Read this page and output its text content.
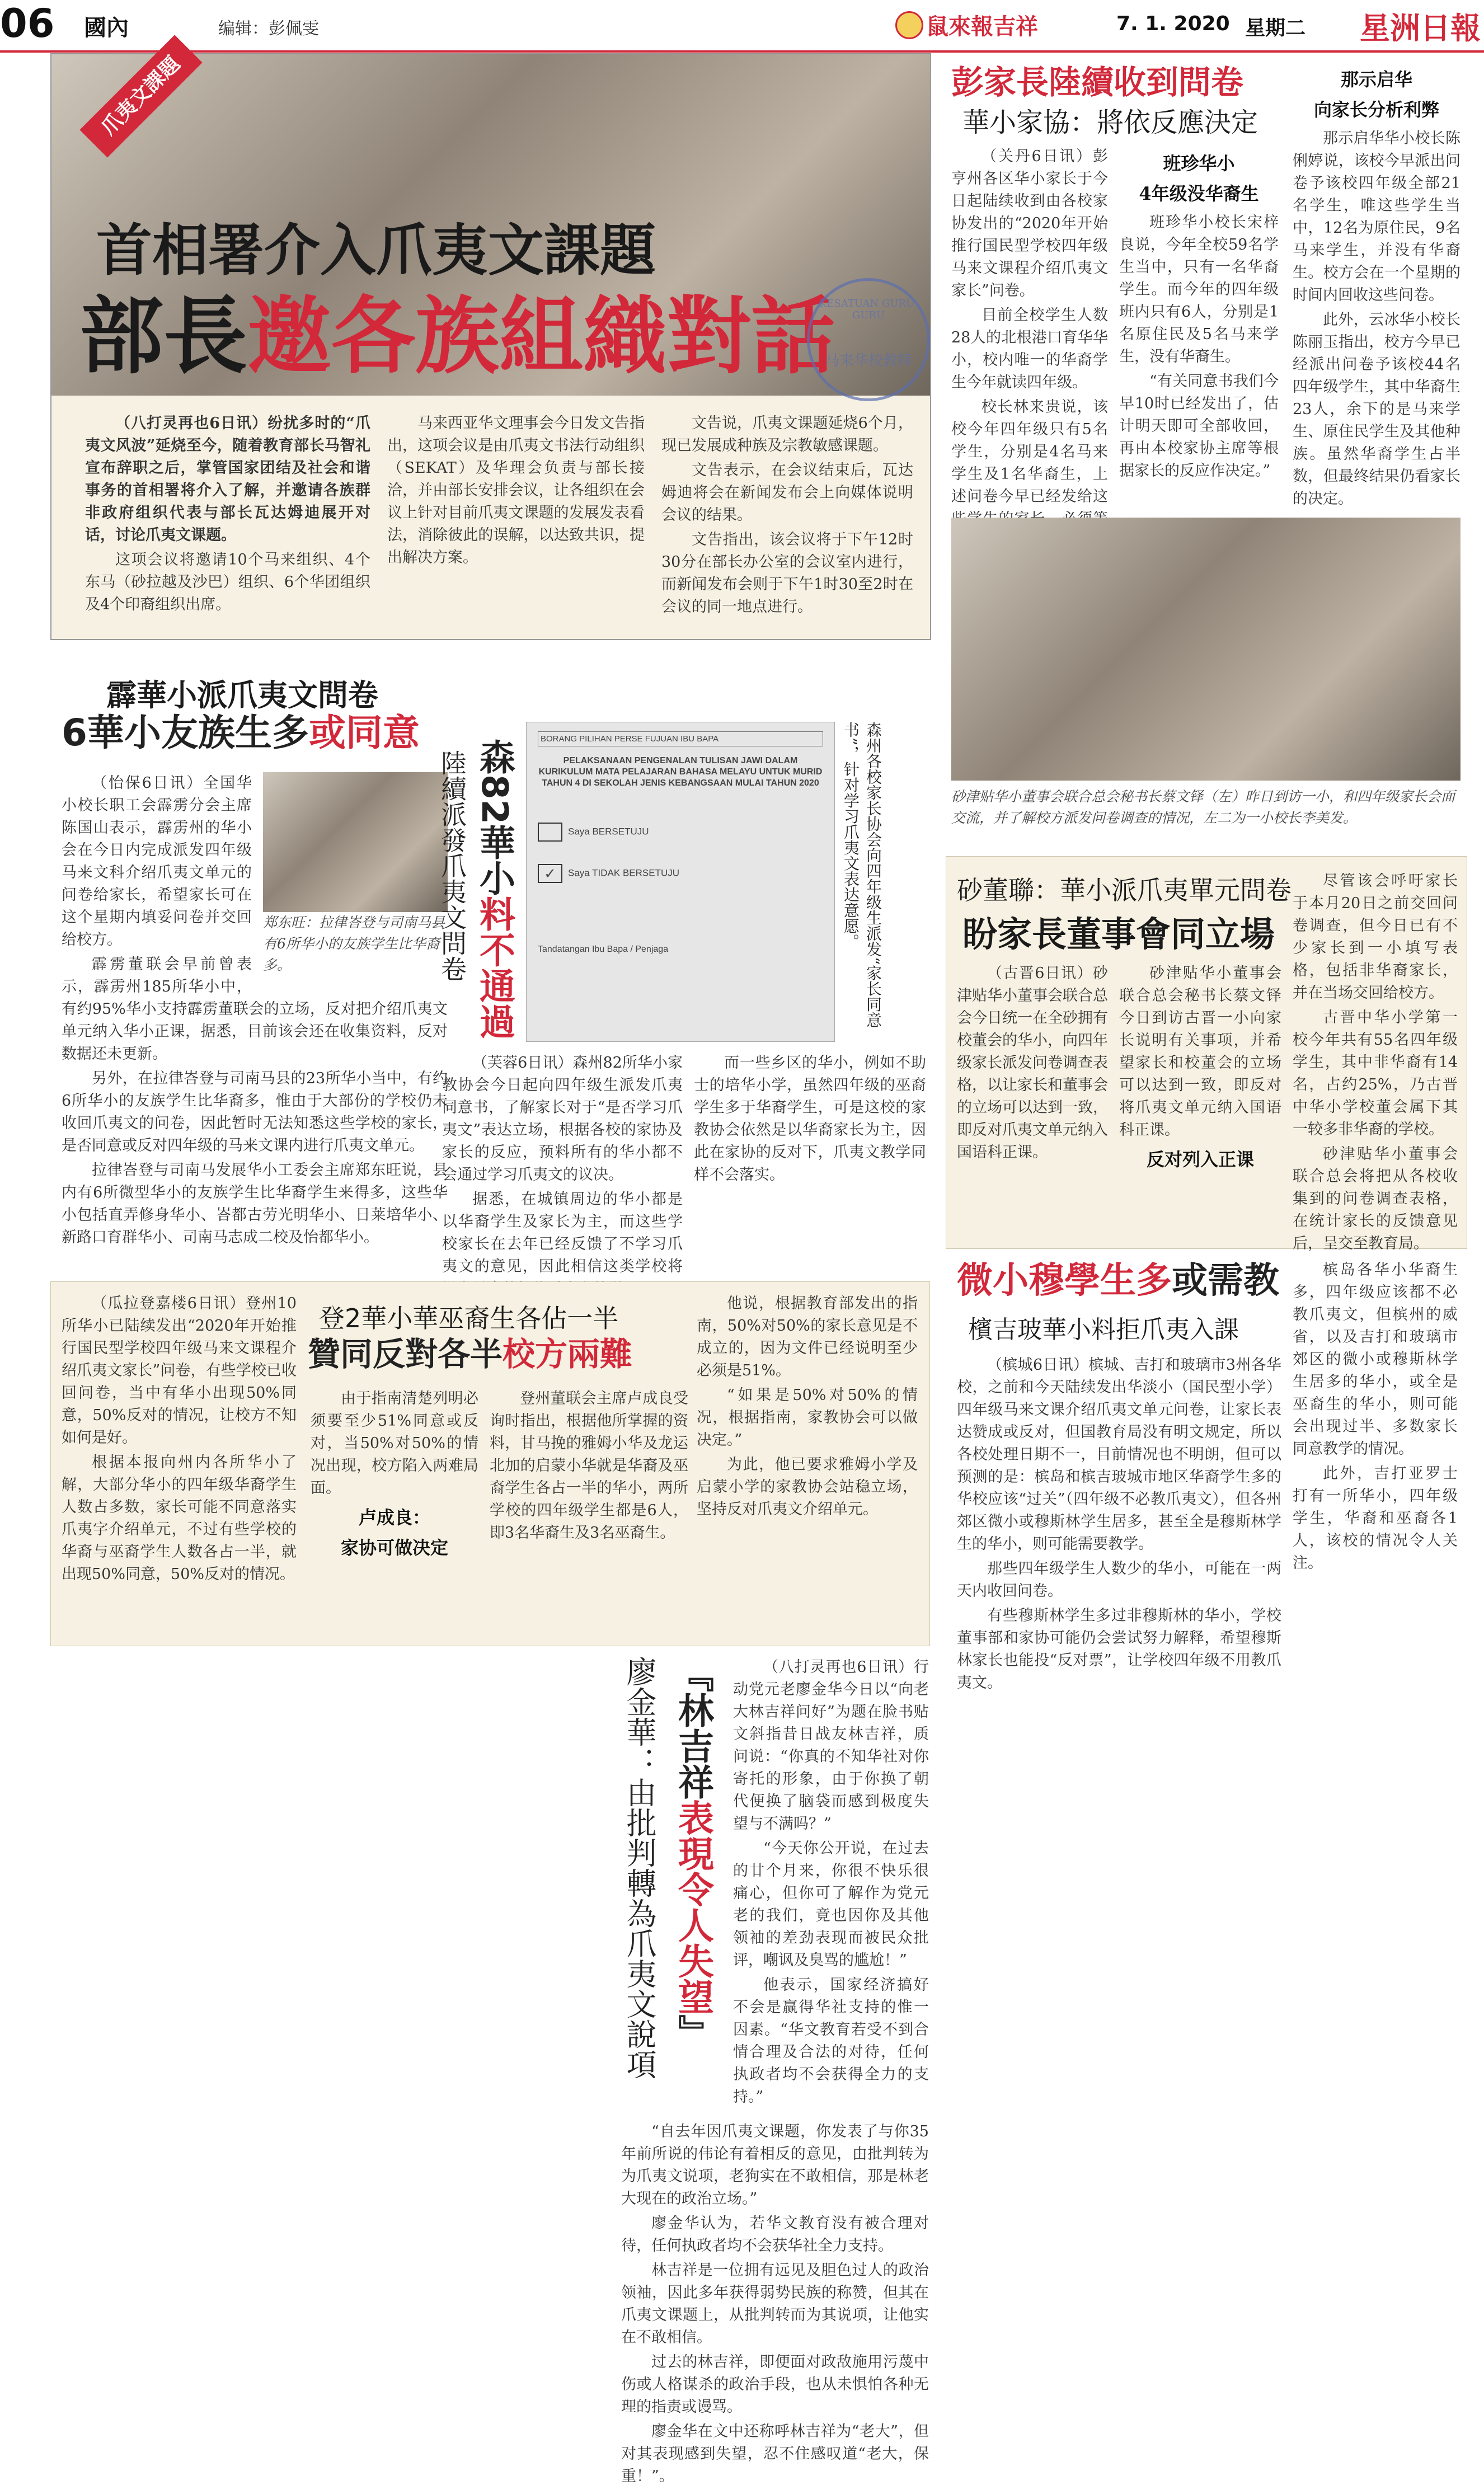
06 國內	编辑：彭佩雯	鼠來報吉祥	7. 1. 2020 星期二 星洲日報
爪夷文課題
首相署介入爪夷文課題
部長邀各族組織對話
KESATUAN GURU-GURU
马来华校教师

（八打灵再也6日讯）纷扰多时的“爪夷文风波”延烧至今，随着教育部长马智礼宣布辞职之后，掌管国家团结及社会和谐事务的首相署将介入了解，并邀请各族群非政府组织代表与部长瓦达姆迪展开对话，讨论爪夷文课题。

这项会议将邀请10个马来组织、4个东马（砂拉越及沙巴）组织、6个华团组织及4个印裔组织出席。

马来西亚华文理事会今日发文告指出，这项会议是由爪夷文书法行动组织（SEKAT）及华理会负责与部长接洽，并由部长安排会议，让各组织在会议上针对目前爪夷文课题的发展发表看法，消除彼此的误解，以达致共识，提出解决方案。

文告说，爪夷文课题延烧6个月，现已发展成种族及宗教敏感课题。

文告表示，在会议结束后，瓦达姆迪将会在新闻发布会上向媒体说明会议的结果。

文告指出，该会议将于下午12时30分在部长办公室的会议室内进行，而新闻发布会则于下午1时30至2时在会议的同一地点进行。

霹華小派爪夷文問卷
6華小友族生多或同意
郑东旺：拉律峇登与司南马县有6所华小的友族学生比华裔多。

（怡保6日讯）全国华小校长职工会霹雳分会主席陈国山表示，霹雳州的华小会在今日内完成派发四年级马来文科介绍爪夷文单元的问卷给家长，希望家长可在这个星期内填妥问卷并交回给校方。

霹雳董联会早前曾表示，霹雳州185所华小中，有约95%华小支持霹雳董联会的立场，反对把介绍爪夷文单元纳入华小正课，据悉，目前该会还在收集资料，反对数据还未更新。

另外，在拉律峇登与司南马县的23所华小当中，有约6所华小的友族学生比华裔多，惟由于大部份的学校仍未收回爪夷文的问卷，因此暂时无法知悉这些学校的家长，是否同意或反对四年级的马来文课内进行爪夷文单元。

拉律峇登与司南马发展华小工委会主席郑东旺说，县内有6所微型华小的友族学生比华裔学生来得多，这些华小包括直弄修身华小、峇都古劳光明华小、日莱培华小、新路口育群华小、司南马志成二校及怡都华小。

森82華小料不通過
陸續派發爪夷文問卷
BORANG PILIHAN PERSE FUJUAN IBU BAPA
PELAKSANAAN PENGENALAN TULISAN JAWI DALAM KURIKULUM MATA PELAJARAN BAHASA MELAYU UNTUK MURID TAHUN 4 DI SEKOLAH JENIS KEBANGSAAN MULAI TAHUN 2020
Saya BERSETUJU
✓ Saya TIDAK BERSETUJU
Tandatangan Ibu Bapa / Penjaga	森州各校家长协会向四年级生派发“家长同意书”，针对学习爪夷文表达意愿。

（芙蓉6日讯）森州82所华小家教协会今日起向四年级生派发爪夷同意书，了解家长对于“是否学习爪夷文”表达立场，根据各校的家协及家长的反应，预料所有的华小都不会通过学习爪夷文的议决。

据悉，在城镇周边的华小都是以华裔学生及家长为主，而这些学校家长在去年已经反馈了不学习爪夷文的意见，因此相信这类学校将

而一些乡区的华小，例如不助士的培华小学，虽然四年级的巫裔学生多于华裔学生，可是这校的家教协会依然是以华裔家长为主，因此在家协的反对下，爪夷文教学同样不会落实。

（瓜拉登嘉楼6日讯）登州10所华小已陆续发出“2020年开始推行国民型学校四年级马来文课程介绍爪夷文家长”问卷，有些学校已收回问卷，当中有华小出现50%同意，50%反对的情况，让校方不知如何是好。

根据本报向州内各所华小了解，大部分华小的四年级华裔学生人数占多数，家长可能不同意落实爪夷字介绍单元，不过有些学校的华裔与巫裔学生人数各占一半，就出现50%同意，50%反对的情况。

登2華小華巫裔生各佔一半
贊同反對各半校方兩難

由于指南清楚列明必须要至少51%同意或反对，当50%对50%的情况出现，校方陷入两难局面。

卢成良：
家协可做决定

登州董联会主席卢成良受询时指出，根据他所掌握的资料，甘马挽的雅姆小华及龙运北加的启蒙小华就是华裔及巫裔学生各占一半的华小，两所学校的四年级学生都是6人，即3名华裔生及3名巫裔生。

他说，根据教育部发出的指南，50%对50%的家长意见是不成立的，因为文件已经说明至少必须是51%。

“如果是50%对50%的情况，根据指南，家教协会可以做决定。”

为此，他已要求雅姆小学及启蒙小学的家教协会站稳立场，坚持反对爪夷文介绍单元。

廖金華：由批判轉為爪夷文說項 『林吉祥表現令人失望』

（八打灵再也6日讯）行动党元老廖金华今日以“向老大林吉祥问好”为题在脸书贴文斜指昔日战友林吉祥，质问说：“你真的不知华社对你寄托的形象，由于你换了朝代便换了脑袋而感到极度失望与不满吗？”

“今天你公开说，在过去的廿个月来，你很不快乐很痛心，但你可了解作为党元老的我们，竟也因你及其他领袖的差劲表现而被民众批评，嘲讽及臭骂的尴尬！”

他表示，国家经济搞好不会是赢得华社支持的惟一因素。“华文教育若受不到合情合理及合法的对待，任何执政者均不会获得全力的支持。”

“自去年因爪夷文课题，你发表了与你35年前所说的伟论有着相反的意见，由批判转为为爪夷文说项，老狗实在不敢相信，那是林老大现在的政治立场。”

廖金华认为，若华文教育没有被合理对待，任何执政者均不会获华社全力支持。

林吉祥是一位拥有远见及胆色过人的政治领袖，因此多年获得弱势民族的称赞，但其在爪夷文课题上，从批判转而为其说项，让他实在不敢相信。

过去的林吉祥，即便面对政敌施用污蔑中伤或人格谋杀的政治手段，也从未惧怕各种无理的指责或谩骂。

廖金华在文中还称呼林吉祥为“老大”，但对其表现感到失望，忍不住感叹道“老大，保重！”。

彭家長陸續收到問卷
華小家協：將依反應決定

（关丹6日讯）彭亨州各区华小家长于今日起陆续收到由各校家协发出的“2020年开始推行国民型学校四年级马来文课程介绍爪夷文家长”问卷。

目前全校学生人数28人的北根港口育华华小，校内唯一的华裔学生今年就读四年级。

校长林来贵说，该校今年四年级只有5名学生，分别是4名马来学生及1名华裔生，上述问卷今早已经发给这

班珍华小
4年级没华裔生

班珍华小校长宋梓良说，今年全校59名学生当中，只有一名华裔学生。而今年的四年级班内只有6人，分别是1名原住民及5名马来学生，没有华裔生。

“有关同意书我们今早10时已经发出了，估计明天即可全部收回，再由本校家协主席等根据家长的反应作决定。”

那示启华
向家长分析利弊

那示启华华小校长陈俐婷说，该校今早派出问卷予该校四年级全部21名学生，唯这些学生当中，12名为原住民，9名马来学生，并没有华裔生。校方会在一个星期的时间内回收这些问卷。

此外，云冰华小校长陈丽玉指出，校方今早已经派出问卷予该校44名四年级学生，其中华裔生23人，余下的是马来学生、原住民学生及其他种族。虽然华裔学生占半数，但最终结果仍看家长的决定。

砂津贴华小董事会联合总会秘书长蔡文铎（左）昨日到访一小，和四年级家长会面交流，并了解校方派发问卷调查的情况，左二为一小校长李美发。
砂董聯：華小派爪夷單元問卷
盼家長董事會同立場

（古晋6日讯）砂津贴华小董事会联合总会今日统一在全砂拥有校董会的华小，向四年级家长派发问卷调查表格，以让家长和董事会的立场可以达到一致，即反对爪夷文单元纳入国语科正课。

砂津贴华小董事会联合总会秘书长蔡文铎今日到访古晋一小向家长说明有关事项，并希望家长和校董会的立场可以达到一致，即反对将爪夷文单元纳入国语科正课。

反对列入正课

尽管该会呼吁家长于本月20日之前交回问卷调查，但今日已有不少家长到一小填写表格，包括非华裔家长，并在当场交回给校方。

古晋中华小学第一校今年共有55名四年级学生，其中非华裔有14名，占约25%，乃古晋中华小学校董会属下其一较多非华裔的学校。

砂津贴华小董事会联合总会将把从各校收集到的问卷调查表格，在统计家长的反馈意见后，呈交至教育局。

微小穆學生多或需教
檳吉玻華小料拒爪夷入課

（槟城6日讯）槟城、吉打和玻璃市3州各华校，之前和今天陆续发出华淡小（国民型小学）四年级马来文课介绍爪夷文单元问卷，让家长表达赞成或反对，但国教育局没有明文规定，所以各校处理日期不一，目前情况也不明朗，但可以预测的是：槟岛和槟吉玻城市地区华裔学生多的华校应该“过关”（四年级不必教爪夷文），但各州郊区微小或穆斯林学生居多，甚至全是穆斯林学生的华小，则可能需要教学。

那些四年级学生人数少的华小，可能在一两天内收回问卷。

有些穆斯林学生多过非穆斯林的华小，学校董事部和家协可能仍会尝试努力解释，希望穆斯林家长也能投“反对票”，让学校四年级不用教爪夷文。

槟岛各华小华裔生多，四年级应该都不必教爪夷文，但槟州的威省，以及吉打和玻璃市郊区的微小或穆斯林学生居多的华小，或全是巫裔生的华小，则可能会出现过半、多数家长同意教学的情况。

此外，吉打亚罗士打有一所华小，四年级学生，华裔和巫裔各1人，该校的情况令人关注。
